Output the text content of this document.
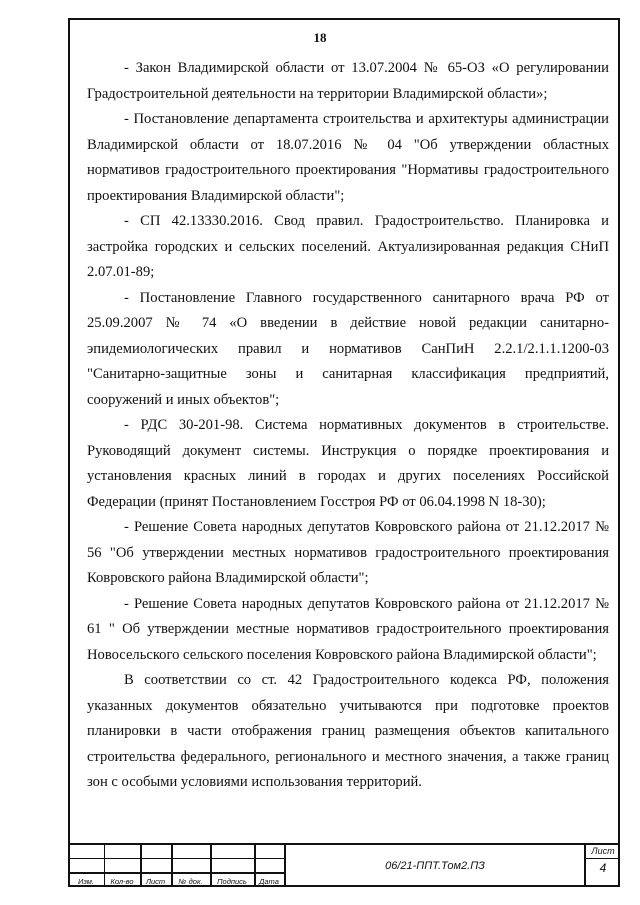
18

- Закон Владимирской области от 13.07.2004 № 65-ОЗ «О регулировании Градостроительной деятельности на территории Владимирской области»;

- Постановление департамента строительства и архитектуры администрации Владимирской области от 18.07.2016 № 04 "Об утверждении областных нормативов градостроительного проектирования "Нормативы градостроительного проектирования Владимирской области";

- СП 42.13330.2016. Свод правил. Градостроительство. Планировка и застройка городских и сельских поселений. Актуализированная редакция СНиП 2.07.01-89;

- Постановление Главного государственного санитарного врача РФ от 25.09.2007 № 74 «О введении в действие новой редакции санитарно-эпидемиологических правил и нормативов СанПиН 2.2.1/2.1.1.1200-03 "Санитарно-защитные зоны и санитарная классификация предприятий, сооружений и иных объектов";

- РДС 30-201-98. Система нормативных документов в строительстве. Руководящий документ системы. Инструкция о порядке проектирования и установления красных линий в городах и других поселениях Российской Федерации (принят Постановлением Госстроя РФ от 06.04.1998 N 18-30);

- Решение Совета народных депутатов Ковровского района от 21.12.2017 № 56 "Об утверждении местных нормативов градостроительного проектирования Ковровского района Владимирской области";

- Решение Совета народных депутатов Ковровского района от 21.12.2017 № 61 " Об утверждении местные нормативов градостроительного проектирования Новосельского сельского поселения Ковровского района Владимирской области";

В соответствии со ст. 42 Градостроительного кодекса РФ, положения указанных документов обязательно учитываются при подготовке проектов планировки в части отображения границ размещения объектов капитального строительства федерального, регионального и местного значения, а также границ зон с особыми условиями использования территорий.

Изм.	Кол-во	Лист	№ док.	Подпись	Дата
06/21-ППТ.Том2.ПЗ
Лист
4
